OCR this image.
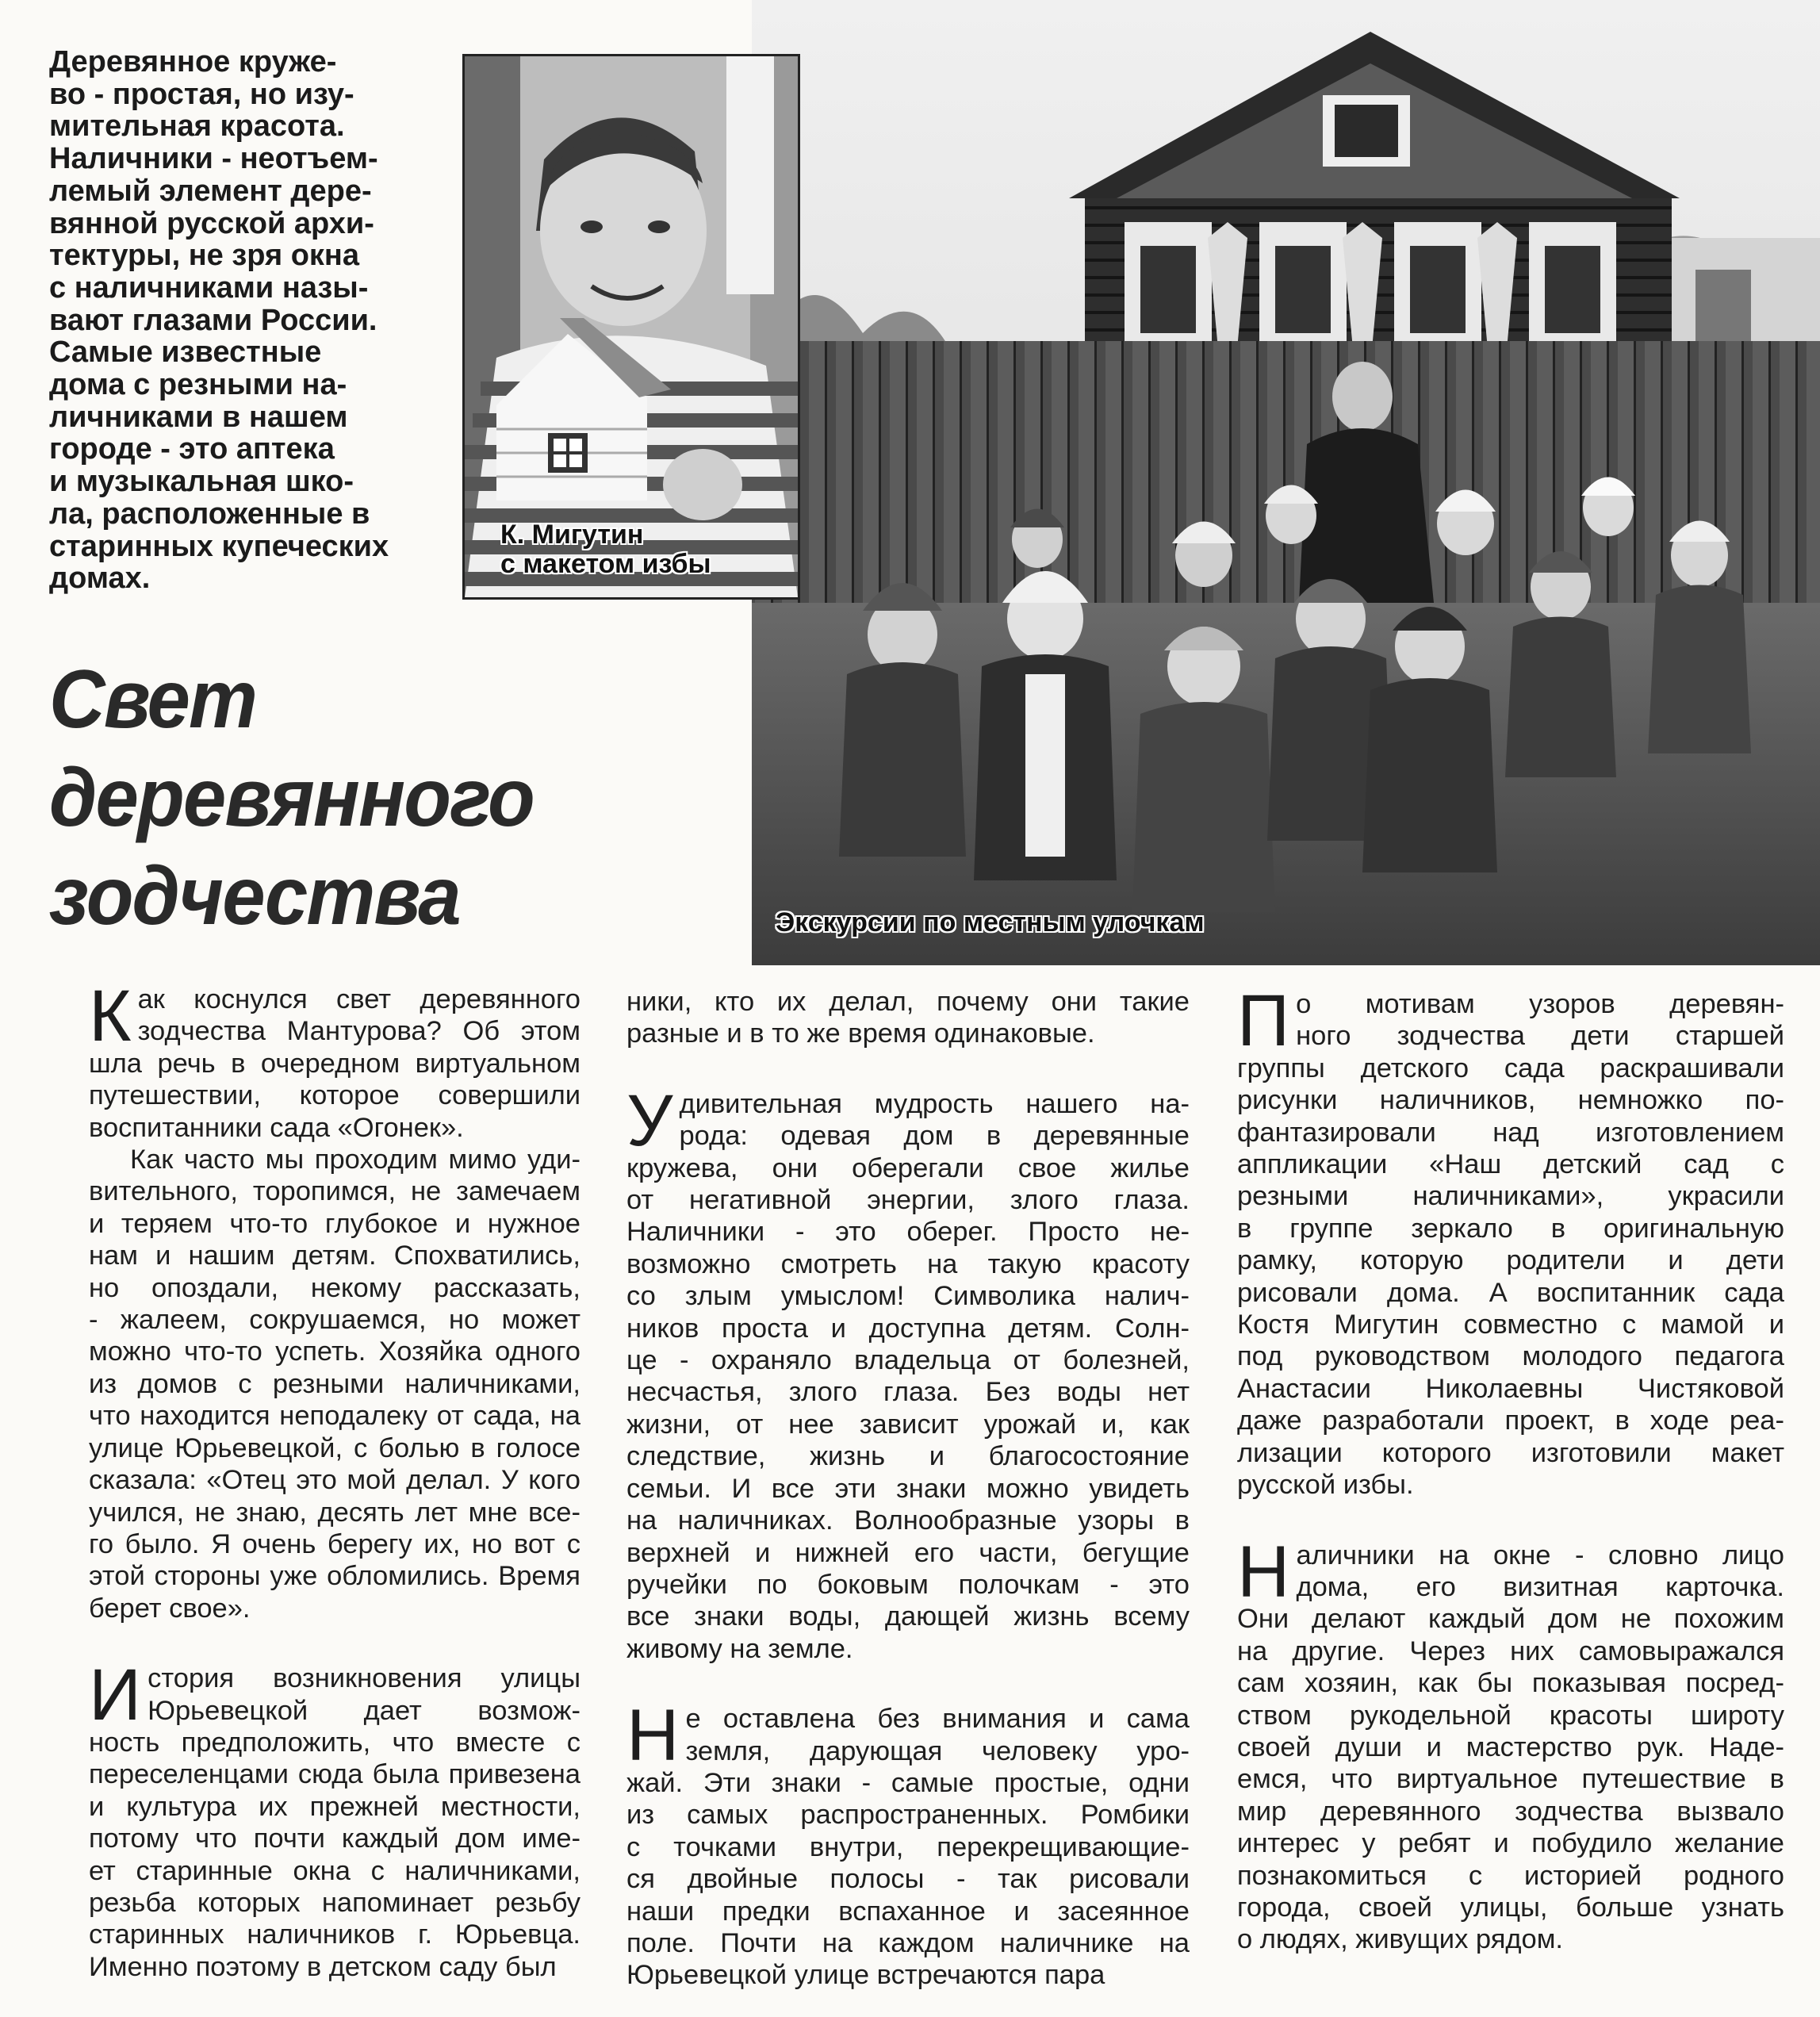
Деревянное круже-
во - простая, но изу-
мительная красота.
Наличники - неотъем-
лемый элемент дере-
вянной русской архи-
тектуры, не зря окна
с наличниками назы-
вают глазами России.
Самые известные
дома с резными на-
личниками в нашем
городе - это аптека
и музыкальная шко-
ла, расположенные в
старинных купеческих
домах.
Экскурсии по местным улочкам
К. Мигутин
с макетом избы
Свет
деревянного
зодчества

К ак коснулся свет деревянного
зодчества Мантурова? Об этом
шла речь в очередном виртуальном
путешествии, которое совершили
воспитанники сада «Огонек».

Как часто мы проходим мимо уди-
вительного, торопимся, не замечаем
и теряем что-то глубокое и нужное
нам и нашим детям. Спохватились,
но опоздали, некому рассказать,
- жалеем, сокрушаемся, но может
можно что-то успеть. Хозяйка одного
из домов с резными наличниками,
что находится неподалеку от сада, на
улице Юрьевецкой, с болью в голосе
сказала: «Отец это мой делал. У кого
учился, не знаю, десять лет мне все-
го было. Я очень берегу их, но вот с
этой стороны уже обломились. Время
берет свое».

И стория возникновения улицы
Юрьевецкой дает возмож-
ность предположить, что вместе с
переселенцами сюда была привезена
и культура их прежней местности,
потому что почти каждый дом име-
ет старинные окна с наличниками,
резьба которых напоминает резьбу
старинных наличников г. Юрьевца.
Именно поэтому в детском саду был

ники, кто их делал, почему они такие
разные и в то же время одинаковые.

У дивительная мудрость нашего на-
рода: одевая дом в деревянные
кружева, они оберегали свое жилье
от негативной энергии, злого глаза.
Наличники - это оберег. Просто не-
возможно смотреть на такую красоту
со злым умыслом! Символика налич-
ников проста и доступна детям. Солн-
це - охраняло владельца от болезней,
несчастья, злого глаза. Без воды нет
жизни, от нее зависит урожай и, как
следствие, жизнь и благосостояние
семьи. И все эти знаки можно увидеть
на наличниках. Волнообразные узоры в
верхней и нижней его части, бегущие
ручейки по боковым полочкам - это
все знаки воды, дающей жизнь всему
живому на земле.

Н е оставлена без внимания и сама
земля, дарующая человеку уро-
жай. Эти знаки - самые простые, одни
из самых распространенных. Ромбики
с точками внутри, перекрещивающие-
ся двойные полосы - так рисовали
наши предки вспаханное и засеянное
поле. Почти на каждом наличнике на
Юрьевецкой улице встречаются пара

П о мотивам узоров деревян-
ного зодчества дети старшей
группы детского сада раскрашивали
рисунки наличников, немножко по-
фантазировали над изготовлением
аппликации «Наш детский сад с
резными наличниками», украсили
в группе зеркало в оригинальную
рамку, которую родители и дети
рисовали дома. А воспитанник сада
Костя Мигутин совместно с мамой и
под руководством молодого педагога
Анастасии Николаевны Чистяковой
даже разработали проект, в ходе реа-
лизации которого изготовили макет
русской избы.

Н аличники на окне - словно лицо
дома, его визитная карточка.
Они делают каждый дом не похожим
на другие. Через них самовыражался
сам хозяин, как бы показывая посред-
ством рукодельной красоты широту
своей души и мастерство рук. Наде-
емся, что виртуальное путешествие в
мир деревянного зодчества вызвало
интерес у ребят и побудило желание
познакомиться с историей родного
города, своей улицы, больше узнать
о людях, живущих рядом.
